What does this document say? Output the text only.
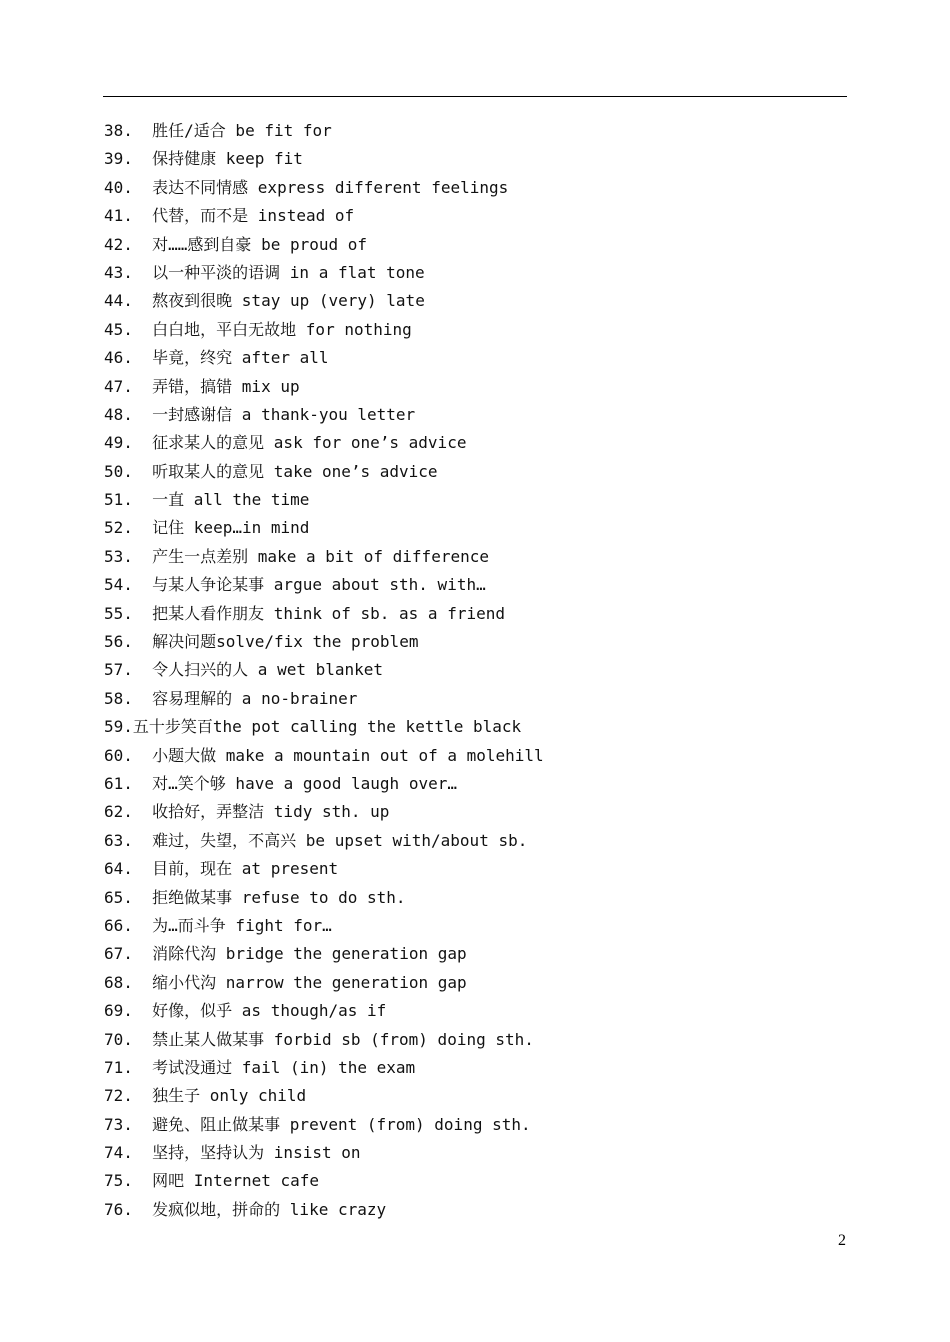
38.  胜任/适合 be fit for
39.  保持健康 keep fit
40.  表达不同情感 express different feelings
41.  代替，而不是 instead of
42.  对……感到自豪 be proud of
43.  以一种平淡的语调 in a flat tone
44.  熬夜到很晚 stay up (very) late
45.  白白地，平白无故地 for nothing
46.  毕竟，终究 after all
47.  弄错，搞错 mix up
48.  一封感谢信 a thank-you letter
49.  征求某人的意见 ask for one’s advice
50.  听取某人的意见 take one’s advice
51.  一直 all the time
52.  记住 keep…in mind
53.  产生一点差别 make a bit of difference
54.  与某人争论某事 argue about sth. with…
55.  把某人看作朋友 think of sb. as a friend
56.  解决问题solve/fix the problem
57.  令人扫兴的人 a wet blanket
58.  容易理解的 a no-brainer
59.五十步笑百the pot calling the kettle black
60.  小题大做 make a mountain out of a molehill
61.  对…笑个够 have a good laugh over…
62.  收拾好，弄整洁 tidy sth. up
63.  难过，失望，不高兴 be upset with/about sb.
64.  目前，现在 at present
65.  拒绝做某事 refuse to do sth.
66.  为…而斗争 fight for…
67.  消除代沟 bridge the generation gap
68.  缩小代沟 narrow the generation gap
69.  好像，似乎 as though/as if
70.  禁止某人做某事 forbid sb (from) doing sth.
71.  考试没通过 fail (in) the exam
72.  独生子 only child
73.  避免、阻止做某事 prevent (from) doing sth.
74.  坚持，坚持认为 insist on
75.  网吧 Internet cafe
76.  发疯似地，拼命的 like crazy
2
